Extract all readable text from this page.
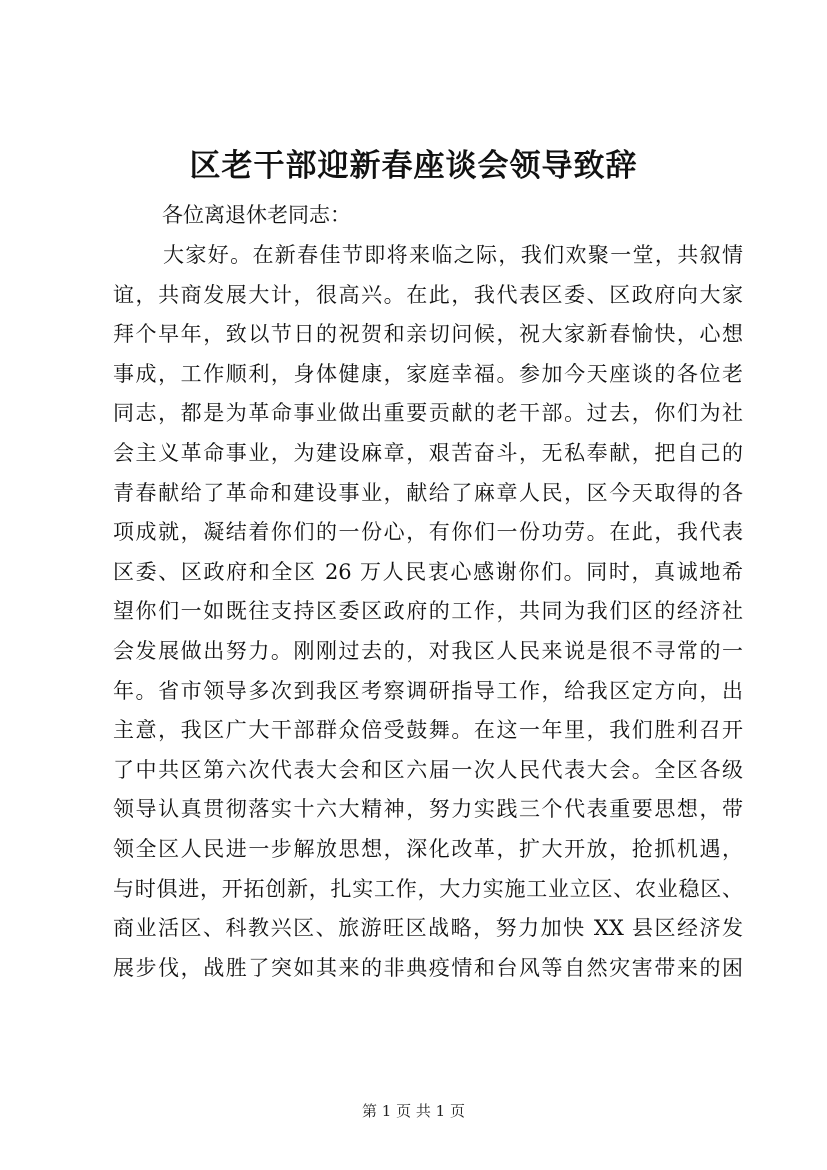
区老干部迎新春座谈会领导致辞
各位离退休老同志：
大家好。在新春佳节即将来临之际，我们欢聚一堂，共叙情
谊，共商发展大计，很高兴。在此，我代表区委、区政府向大家
拜个早年，致以节日的祝贺和亲切问候，祝大家新春愉快，心想
事成，工作顺利，身体健康，家庭幸福。参加今天座谈的各位老
同志，都是为革命事业做出重要贡献的老干部。过去，你们为社
会主义革命事业，为建设麻章，艰苦奋斗，无私奉献，把自己的
青春献给了革命和建设事业，献给了麻章人民，区今天取得的各
项成就，凝结着你们的一份心，有你们一份功劳。在此，我代表
区委、区政府和全区 26 万人民衷心感谢你们。同时，真诚地希
望你们一如既往支持区委区政府的工作，共同为我们区的经济社
会发展做出努力。刚刚过去的，对我区人民来说是很不寻常的一
年。省市领导多次到我区考察调研指导工作，给我区定方向，出
主意，我区广大干部群众倍受鼓舞。在这一年里，我们胜利召开
了中共区第六次代表大会和区六届一次人民代表大会。全区各级
领导认真贯彻落实十六大精神，努力实践三个代表重要思想，带
领全区人民进一步解放思想，深化改革，扩大开放，抢抓机遇，
与时俱进，开拓创新，扎实工作，大力实施工业立区、农业稳区、
商业活区、科教兴区、旅游旺区战略，努力加快 XX 县区经济发
展步伐，战胜了突如其来的非典疫情和台风等自然灾害带来的困
第 1 页 共 1 页
